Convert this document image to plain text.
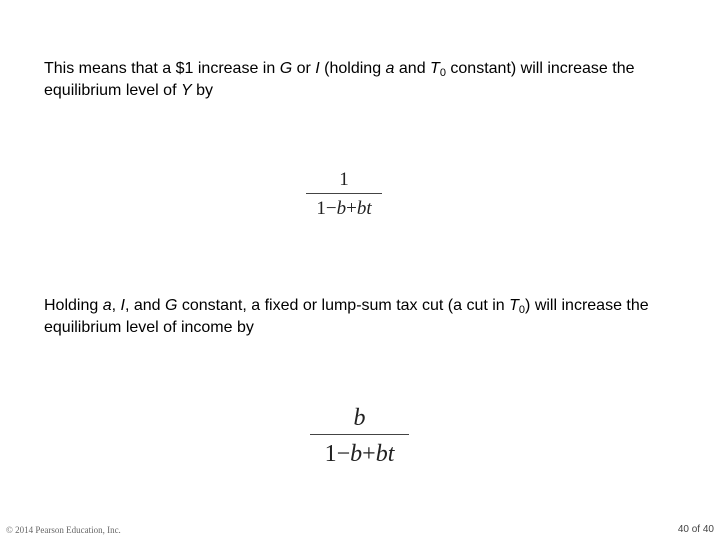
This means that a $1 increase in G or I (holding a and $T_0$ constant) will increase the equilibrium level of Y by
1
1−b+bt
Holding a, I, and G constant, a fixed or lump-sum tax cut (a cut in $T_0$) will increase the equilibrium level of income by
b
1−b+bt
© 2014 Pearson Education, Inc.	40 of 40
